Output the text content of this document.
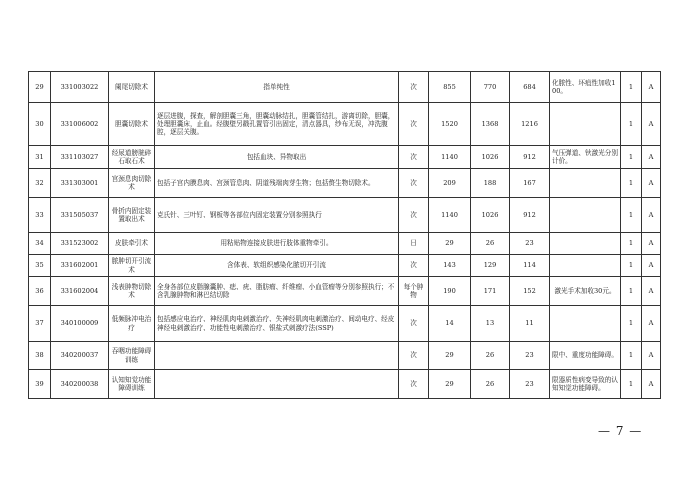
29	331003022	阑尾切除术	指单纯性	次	855	770	684	化脓性、坏疽性加收100。	1	A
30	331006002	胆囊切除术	逐层进腹，探查，解剖胆囊三角，胆囊动脉结扎，胆囊管结扎，游离切除，胆囊，处理胆囊床，止血。经腹壁另戳孔置管引出固定，清点器具，纱布无误，冲洗腹腔，逐层关腹。	次	1520	1368	1216		1	A
31	331103027	经尿道膀胱碎石取石术	包括血块、异物取出	次	1140	1026	912	气压弹道、钬激光分别计价。	1	A
32	331303001	宫颈息肉切除术	包括子宫内膜息肉、宫颈管息肉、阴道残端肉芽生物；包括赘生物切除术。	次	209	188	167		1	A
33	331505037	骨折内固定装置取出术	克氏针、三叶钉、钢板等各部位内固定装置分别参照执行	次	1140	1026	912		1	A
34	331523002	皮肤牵引术	用粘贴物连接皮肤进行肢体重物牵引。	日	29	26	23		1	A
35	331602001	脓肿切开引流术	含体表、软组织感染化脓切开引流	次	143	129	114		1	A
36	331602004	浅表肿物切除术	全身各部位皮脂腺囊肿、痣、疣、脂肪瘤、纤维瘤、小血管瘤等分别参照执行；不含乳腺肿物和淋巴结切除	每个肿物	190	171	152	激光手术加收30元。	1	A
37	340100009	低频脉冲电治疗	包括感应电治疗、神经肌肉电刺激治疗、失神经肌肉电刺激治疗、间动电疗、经皮神经电刺激治疗、功能性电刺激治疗、银盐式刺激疗法(SSP)	次	14	13	11		1	A
38	340200037	吞咽功能障碍训练		次	29	26	23	限中、重度功能障碍。	1	A
39	340200038	认知知觉功能障碍训练		次	29	26	23	限器质性病变导致的认知知觉功能障碍。	1	A
— 7 —
